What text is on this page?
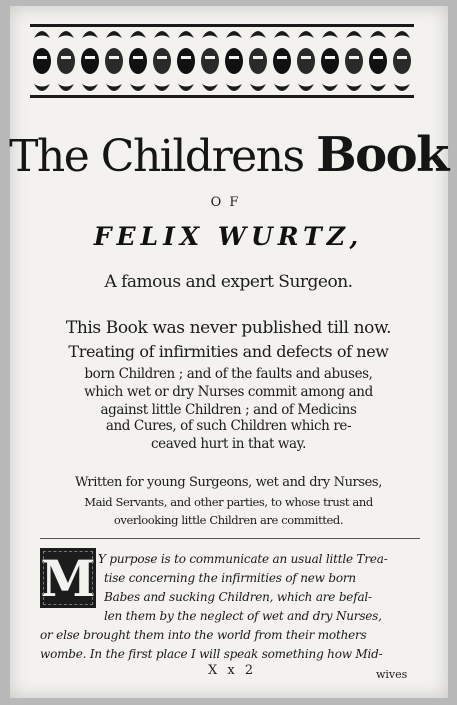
The Childrens Book
OF
FELIX WURTZ,
A famous and expert Surgeon.
This Book was never published till now.
Treating of infirmities and defects of new
born Children ; and of the faults and abuses,
which wet or dry Nurses commit among and
against little Children ; and of Medicins
and Cures, of such Children which re-
ceaved hurt in that way.
Written for young Surgeons, wet and dry Nurses,
Maid Servants, and other parties, to whose trust and
overlooking little Children are committed.
M Y purpose is to communicate an usual little Trea-
tise concerning the infirmities of new born
Babes and sucking Children, which are befal-
len them by the neglect of wet and dry Nurses,
or else brought them into the world from their mothers
wombe. In the first place I will speak something how Mid-
X x 2	wives
